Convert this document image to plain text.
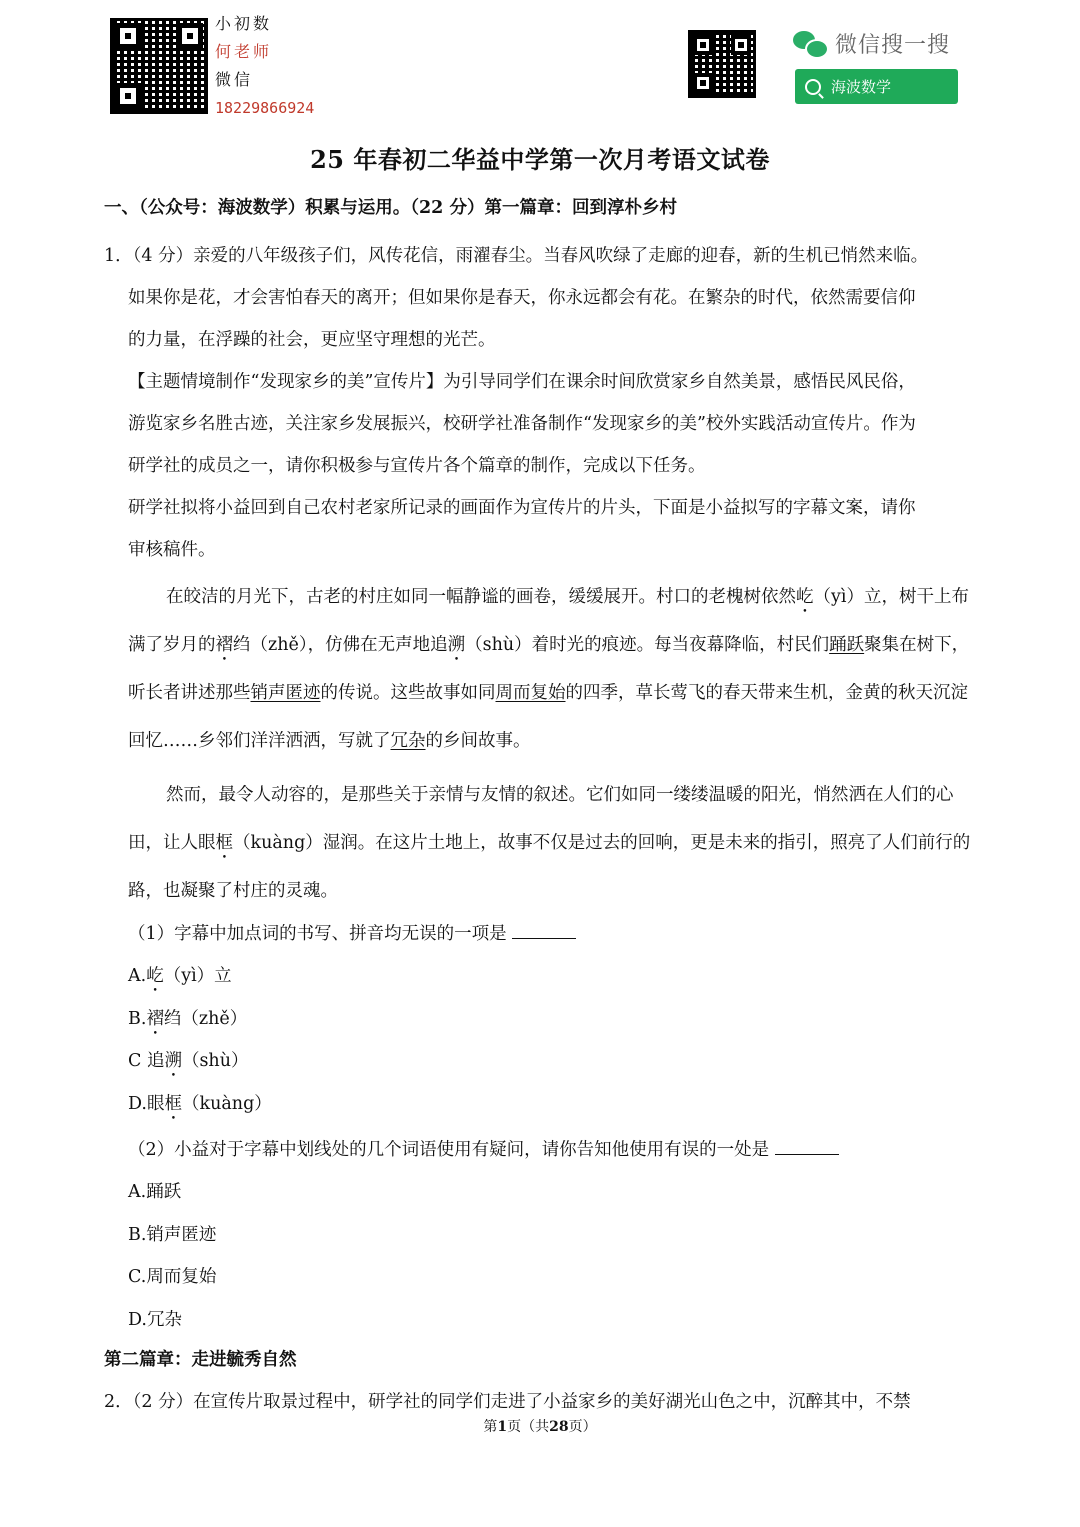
小初数
何老师
微信
18229866924
微信搜一搜
海波数学
25 年春初二华益中学第一次月考语文试卷
一、（公众号：海波数学）积累与运用。（22 分）第一篇章：回到淳朴乡村

1．（4 分）亲爱的八年级孩子们，风传花信，雨濯春尘。当春风吹绿了走廊的迎春，新的生机已悄然来临。

如果你是花，才会害怕春天的离开；但如果你是春天，你永远都会有花。在繁杂的时代，依然需要信仰

的力量，在浮躁的社会，更应坚守理想的光芒。

【主题情境制作“发现家乡的美”宣传片】为引导同学们在课余时间欣赏家乡自然美景，感悟民风民俗，

游览家乡名胜古迹，关注家乡发展振兴，校研学社准备制作“发现家乡的美”校外实践活动宣传片。作为

研学社的成员之一，请你积极参与宣传片各个篇章的制作，完成以下任务。

研学社拟将小益回到自己农村老家所记录的画面作为宣传片的片头，下面是小益拟写的字幕文案，请你

审核稿件。

在皎洁的月光下，古老的村庄如同一幅静谧的画卷，缓缓展开。村口的老槐树依然屹（yì）立，树干上布满了岁月的褶绉（zhě），仿佛在无声地追溯（shù）着时光的痕迹。每当夜幕降临，村民们踊跃聚集在树下，听长者讲述那些销声匿迹的传说。这些故事如同周而复始的四季，草长莺飞的春天带来生机，金黄的秋天沉淀回忆……乡邻们洋洋洒洒，写就了冗杂的乡间故事。

然而，最令人动容的，是那些关于亲情与友情的叙述。它们如同一缕缕温暖的阳光，悄然洒在人们的心田，让人眼框（kuàng）湿润。在这片土地上，故事不仅是过去的回响，更是未来的指引，照亮了人们前行的路，也凝聚了村庄的灵魂。

（1）字幕中加点词的书写、拼音均无误的一项是

A.屹（yì）立
B.褶绉（zhě）
C 追溯（shù）
D.眼框（kuàng）

（2）小益对于字幕中划线处的几个词语使用有疑问，请你告知他使用有误的一处是

A.踊跃
B.销声匿迹
C.周而复始
D.冗杂
第二篇章：走进毓秀自然

2．（2 分）在宣传片取景过程中，研学社的同学们走进了小益家乡的美好湖光山色之中，沉醉其中，不禁

第1页（共28页）
